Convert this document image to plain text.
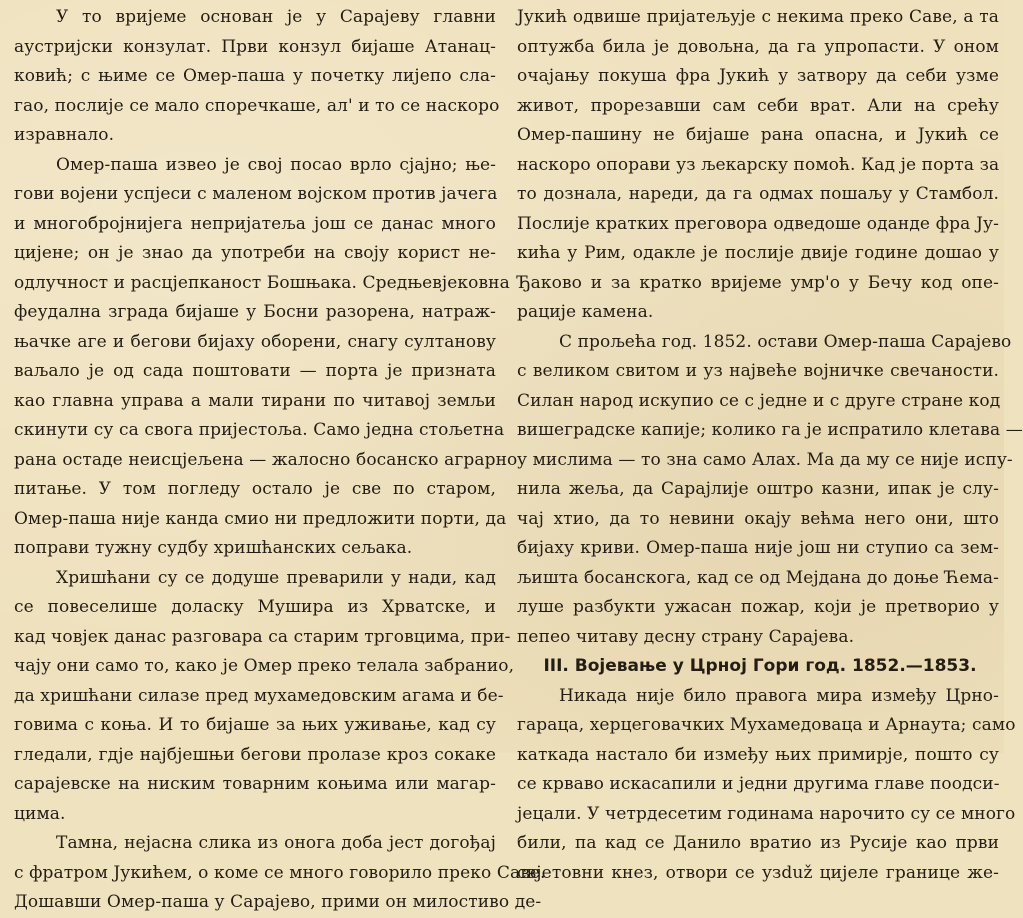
У то вријеме основан је у Сарајеву главни
аустријски конзулат. Први конзул бијаше Атанац-
ковић; с њиме се Омер-паша у почетку лијепо сла-
гао, послије се мало споречкаше, ал' и то се наскоро
изравнало.
Омер-паша извео је свој посао врло сјајно; ње-
гови војени успјеси с маленом војском против јачега
и многобројнијега непријатеља још се данас много
цијене; он је знао да употреби на своју корист не-
одлучност и расцјепканост Бошњака. Средњевјековна
феудална зграда бијаше у Босни разорена, натраж-
њачке аге и бегови бијаху оборени, снагу султанову
ваљало је од сада поштовати — порта је призната
као главна управа а мали тирани по читавој земљи
скинути су са свога пријестоља. Само једна стољетна
рана остаде неисцјељена — жалосно босанско аграрно
питање. У том погледу остало је све по старом,
Омер-паша није канда смио ни предложити порти, да
поправи тужну судбу хришћанских сељака.
Хришћани су се додуше преварили у нади, кад
се повеселише доласку Мушира из Хрватске, и
кад човјек данас разговара са старим трговцима, при-
чају они само то, како је Омер преко телала забранио,
да хришћани силазе пред мухамедовским агама и бе-
говима с коња. И то бијаше за њих уживање, кад су
гледали, гдје најбјешњи бегови пролазе кроз сокаке
сарајевске на ниским товарним коњима или магар-
цима.
Тамна, нејасна слика из онога доба јест догођај
с фратром Јукићем, о коме се много говорило преко Саве.
Дошавши Омер-паша у Сарајево, прими он милостиво де-
Јукић одвише пријатељује с некима преко Саве, а та
оптужба била је довољна, да га упропасти. У оном
очајању покуша фра Јукић у затвору да себи узме
живот, прорезавши сам себи врат. Али на срећу
Омер-пашину не бијаше рана опасна, и Јукић се
наскоро опорави уз љекарску помоћ. Кад је порта за
то дознала, нареди, да га одмах пошаљу у Стамбол.
Послије кратких преговора одведоше оданде фра Ју-
кића у Рим, одакле је послије двије године дошао у
Ђаково и за кратко вријеме умр'о у Бечу код опе-
рације камена.
С прољећа год. 1852. остави Омер-паша Сарајево
с великом свитом и уз највеће војничке свечаности.
Силан народ искупио се с једне и с друге стране код
вишеградске капије; колико га је испратило клетава —
у мислима — то зна само Алах. Ма да му се није испу-
нила жеља, да Сарајлије оштро казни, ипак је слу-
чај хтио, да то невини окају већма него они, што
бијаху криви. Омер-паша није још ни ступио са зем-
љишта босанскога, кад се од Мејдана до доње Ћема-
луше разбукти ужасан пожар, који је претворио у
пепео читаву десну страну Сарајева.
III. Војевање у Црној Гори год. 1852.—1853.
Никада није било правога мира између Црно-
гараца, херцеговачких Мухамедоваца и Арнаута; само
каткада настало би између њих примирје, пошто су
се крваво искасапили и једни другима главе поодси-
јецали. У четрдесетим годинама нарочито су се много
били, па кад се Данило вратио из Русије као први
свјетовни кнез, отвори се узduž цијеле границе жe-
